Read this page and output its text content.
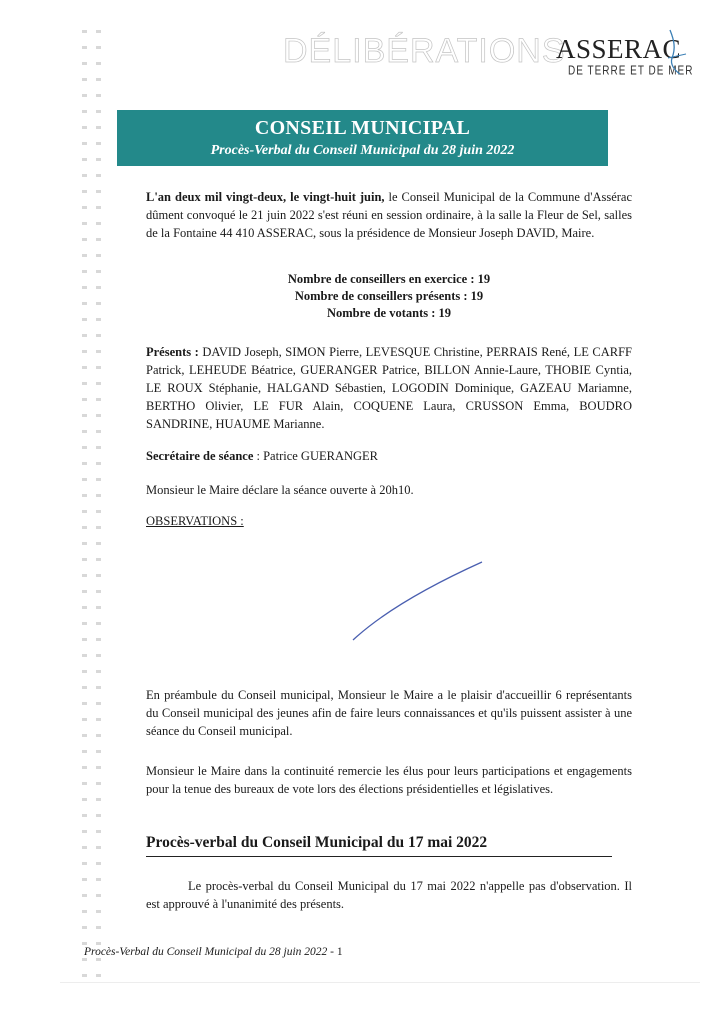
DÉLIBÉRATIONS
ASSERAC
DE TERRE ET DE MER
CONSEIL MUNICIPAL
Procès-Verbal du Conseil Municipal du 28 juin 2022
L'an deux mil vingt-deux, le vingt-huit juin, le Conseil Municipal de la Commune d'Assérac dûment convoqué le 21 juin 2022 s'est réuni en session ordinaire, à la salle la Fleur de Sel, salles de la Fontaine 44 410 ASSERAC, sous la présidence de Monsieur Joseph DAVID, Maire.
Nombre de conseillers en exercice : 19
Nombre de conseillers présents : 19
Nombre de votants : 19
Présents : DAVID Joseph, SIMON Pierre, LEVESQUE Christine, PERRAIS René, LE CARFF Patrick, LEHEUDE Béatrice, GUERANGER Patrice, BILLON Annie-Laure, THOBIE Cyntia, LE ROUX Stéphanie, HALGAND Sébastien, LOGODIN Dominique, GAZEAU Mariamne, BERTHO Olivier, LE FUR Alain, COQUENE Laura, CRUSSON Emma, BOUDRO SANDRINE, HUAUME Marianne.
Secrétaire de séance : Patrice GUERANGER
Monsieur le Maire déclare la séance ouverte à 20h10.
OBSERVATIONS :
En préambule du Conseil municipal, Monsieur le Maire a le plaisir d'accueillir 6 représentants du Conseil municipal des jeunes afin de faire leurs connaissances et qu'ils puissent assister à une séance du Conseil municipal.
Monsieur le Maire dans la continuité remercie les élus pour leurs participations et engagements pour la tenue des bureaux de vote lors des élections présidentielles et législatives.
Procès-verbal du Conseil Municipal du 17 mai 2022
Le procès-verbal du Conseil Municipal du 17 mai 2022 n'appelle pas d'observation. Il est approuvé à l'unanimité des présents.
Procès-Verbal du Conseil Municipal du 28 juin 2022 - 1
